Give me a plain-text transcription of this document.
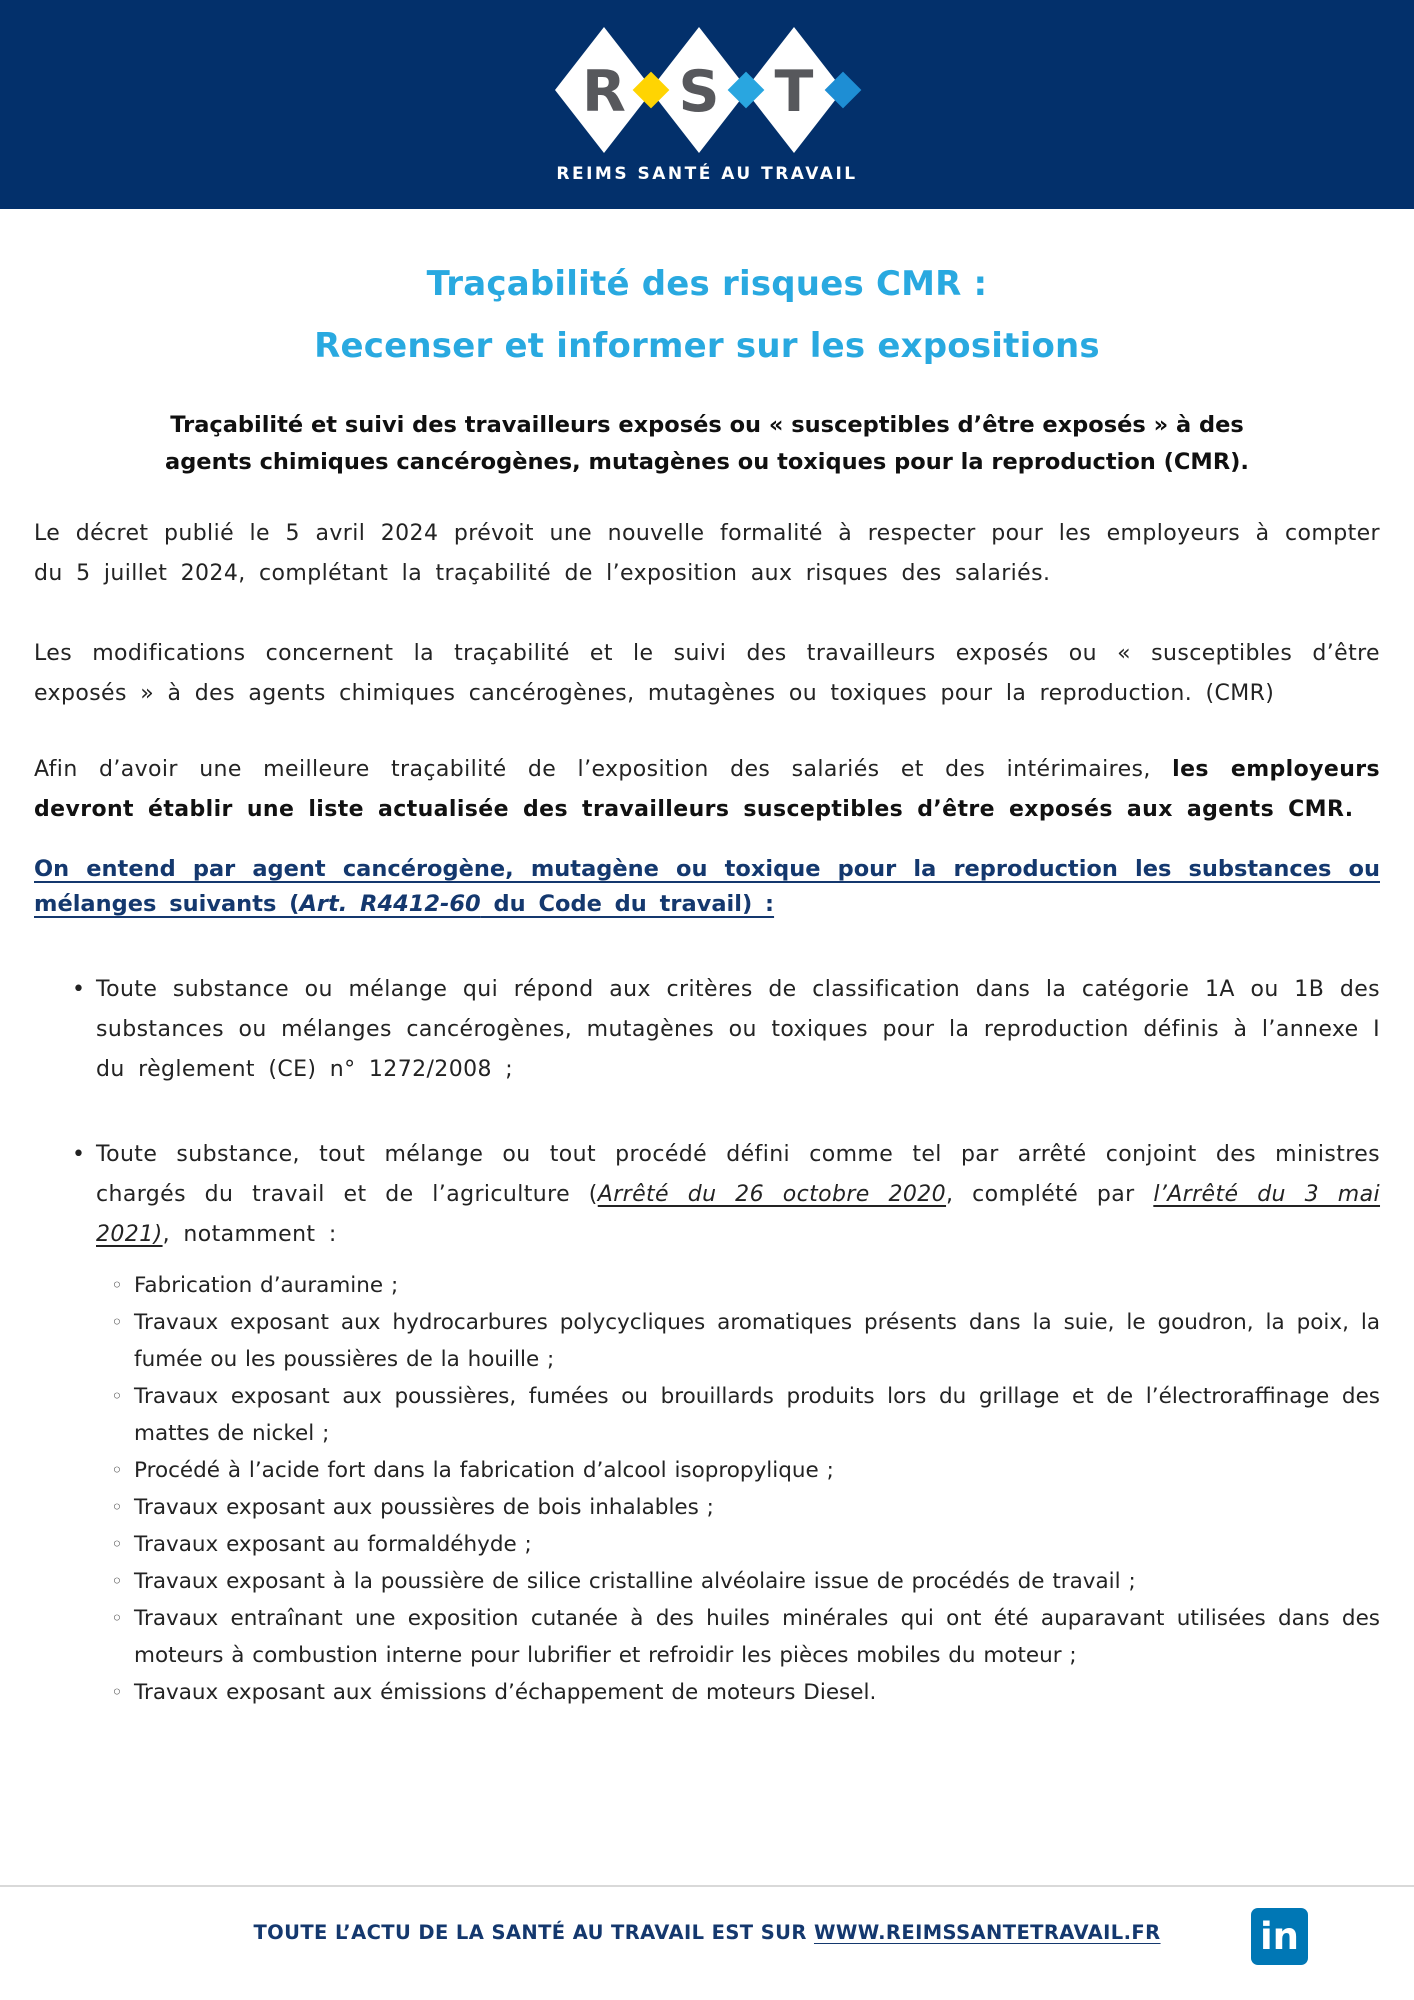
R S T
REIMS SANTÉ AU TRAVAIL
Traçabilité des risques CMR :
Recenser et informer sur les expositions
Traçabilité et suivi des travailleurs exposés ou « susceptibles d’être exposés » à des
agents chimiques cancérogènes, mutagènes ou toxiques pour la reproduction (CMR).

Le décret publié le 5 avril 2024 prévoit une nouvelle formalité à respecter pour les employeurs à compter du 5 juillet 2024, complétant la traçabilité de l’exposition aux risques des salariés.

Les modifications concernent la traçabilité et le suivi des travailleurs exposés ou « susceptibles d’être exposés » à des agents chimiques cancérogènes, mutagènes ou toxiques pour la reproduction. (CMR)

Afin d’avoir une meilleure traçabilité de l’exposition des salariés et des intérimaires, les employeurs devront établir une liste actualisée des travailleurs susceptibles d’être exposés aux agents CMR.

On entend par agent cancérogène, mutagène ou toxique pour la reproduction les substances ou mélanges suivants (Art. R4412-60 du Code du travail) :
• Toute substance ou mélange qui répond aux critères de classification dans la catégorie 1A ou 1B des substances ou mélanges cancérogènes, mutagènes ou toxiques pour la reproduction définis à l’annexe I du règlement (CE) n° 1272/2008 ;
• Toute substance, tout mélange ou tout procédé défini comme tel par arrêté conjoint des ministres chargés du travail et de l’agriculture (Arrêté du 26 octobre 2020, complété par l’Arrêté du 3 mai 2021), notamment :
◦ Fabrication d’auramine ;
◦ Travaux exposant aux hydrocarbures polycycliques aromatiques présents dans la suie, le goudron, la poix, la fumée ou les poussières de la houille ;
◦ Travaux exposant aux poussières, fumées ou brouillards produits lors du grillage et de l’électroraffinage des mattes de nickel ;
◦ Procédé à l’acide fort dans la fabrication d’alcool isopropylique ;
◦ Travaux exposant aux poussières de bois inhalables ;
◦ Travaux exposant au formaldéhyde ;
◦ Travaux exposant à la poussière de silice cristalline alvéolaire issue de procédés de travail ;
◦ Travaux entraînant une exposition cutanée à des huiles minérales qui ont été auparavant utilisées dans des moteurs à combustion interne pour lubrifier et refroidir les pièces mobiles du moteur ;
◦ Travaux exposant aux émissions d’échappement de moteurs Diesel.
TOUTE L’ACTU DE LA SANTÉ AU TRAVAIL EST SUR WWW.REIMSSANTETRAVAIL.FR	in
